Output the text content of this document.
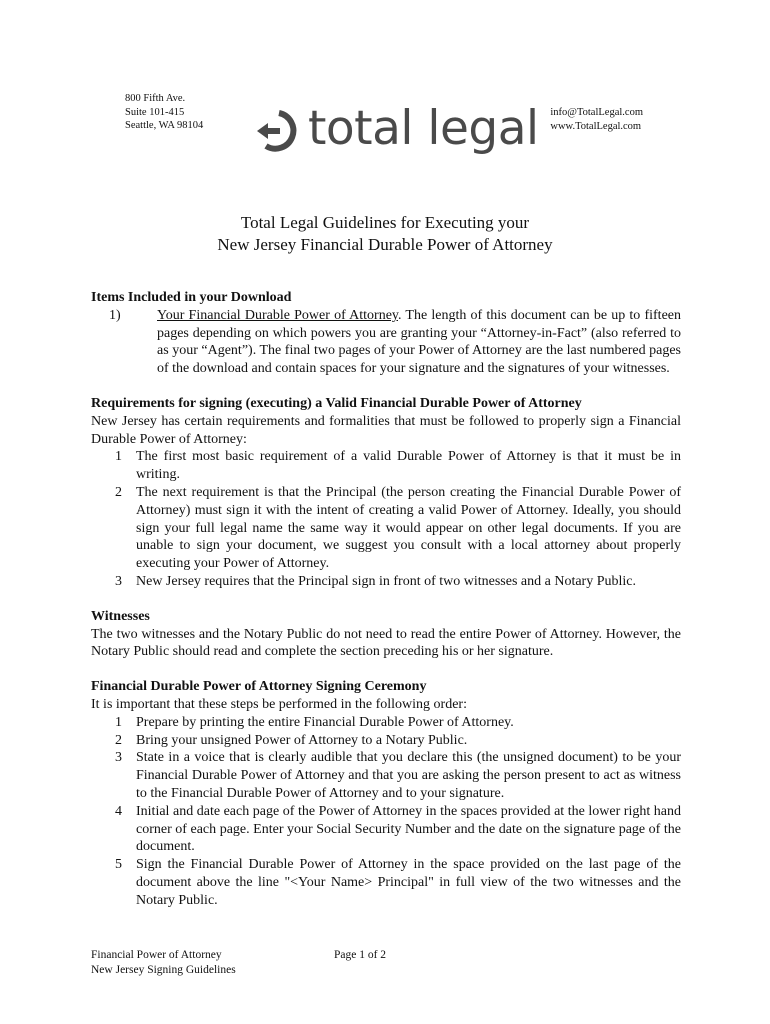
800 Fifth Ave.
Suite 101-415
Seattle, WA 98104 total legal info@TotalLegal.com
www.TotalLegal.com
Total Legal Guidelines for Executing your
New Jersey Financial Durable Power of Attorney
Items Included in your Download
1)	Your Financial Durable Power of Attorney. The length of this document can be up to fifteen pages depending on which powers you are granting your “Attorney-in-Fact” (also referred to as your “Agent”). The final two pages of your Power of Attorney are the last numbered pages of the download and contain spaces for your signature and the signatures of your witnesses.
Requirements for signing (executing) a Valid Financial Durable Power of Attorney
New Jersey has certain requirements and formalities that must be followed to properly sign a Financial Durable Power of Attorney:
1	The first most basic requirement of a valid Durable Power of Attorney is that it must be in writing.
2	The next requirement is that the Principal (the person creating the Financial Durable Power of Attorney) must sign it with the intent of creating a valid Power of Attorney. Ideally, you should sign your full legal name the same way it would appear on other legal documents. If you are unable to sign your document, we suggest you consult with a local attorney about properly executing your Power of Attorney.
3	New Jersey requires that the Principal sign in front of two witnesses and a Notary Public.
Witnesses
The two witnesses and the Notary Public do not need to read the entire Power of Attorney. However, the Notary Public should read and complete the section preceding his or her signature.
Financial Durable Power of Attorney Signing Ceremony
It is important that these steps be performed in the following order:
1	Prepare by printing the entire Financial Durable Power of Attorney.
2	Bring your unsigned Power of Attorney to a Notary Public.
3	State in a voice that is clearly audible that you declare this (the unsigned document) to be your Financial Durable Power of Attorney and that you are asking the person present to act as witness to the Financial Durable Power of Attorney and to your signature.
4	Initial and date each page of the Power of Attorney in the spaces provided at the lower right hand corner of each page. Enter your Social Security Number and the date on the signature page of the document.
5	Sign the Financial Durable Power of Attorney in the space provided on the last page of the document above the line "<Your Name> Principal" in full view of the two witnesses and the Notary Public.
Financial Power of Attorney
New Jersey Signing Guidelines
Page 1 of 2
